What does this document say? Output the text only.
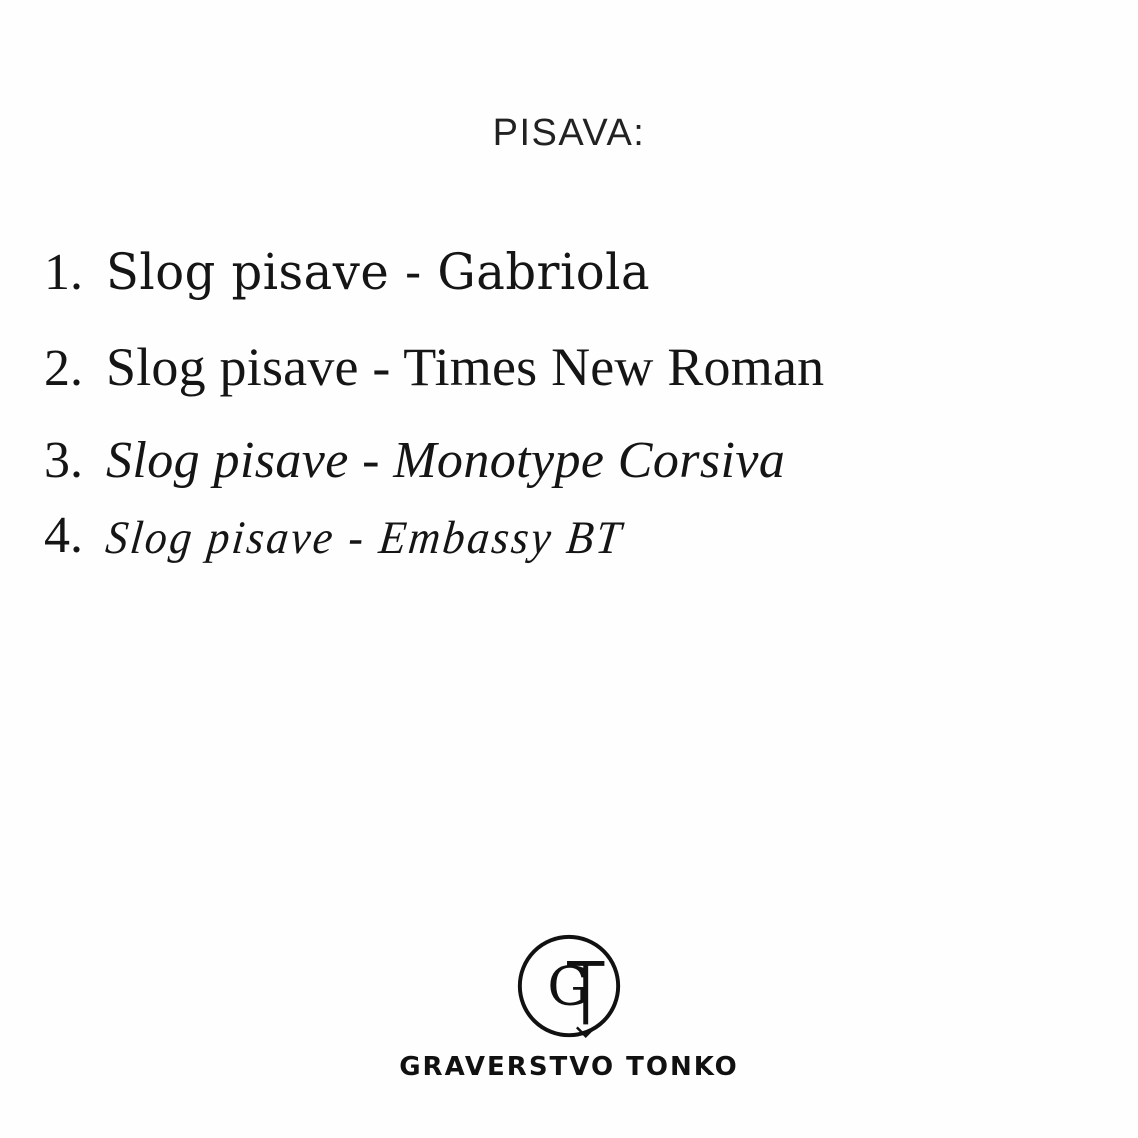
PISAVA:
1. Slog pisave - Gabriola
2. Slog pisave - Times New Roman
3. Slog pisave - Monotype Corsiva
4. Slog pisave - Embassy BT
G
GRAVERSTVO TONKO
